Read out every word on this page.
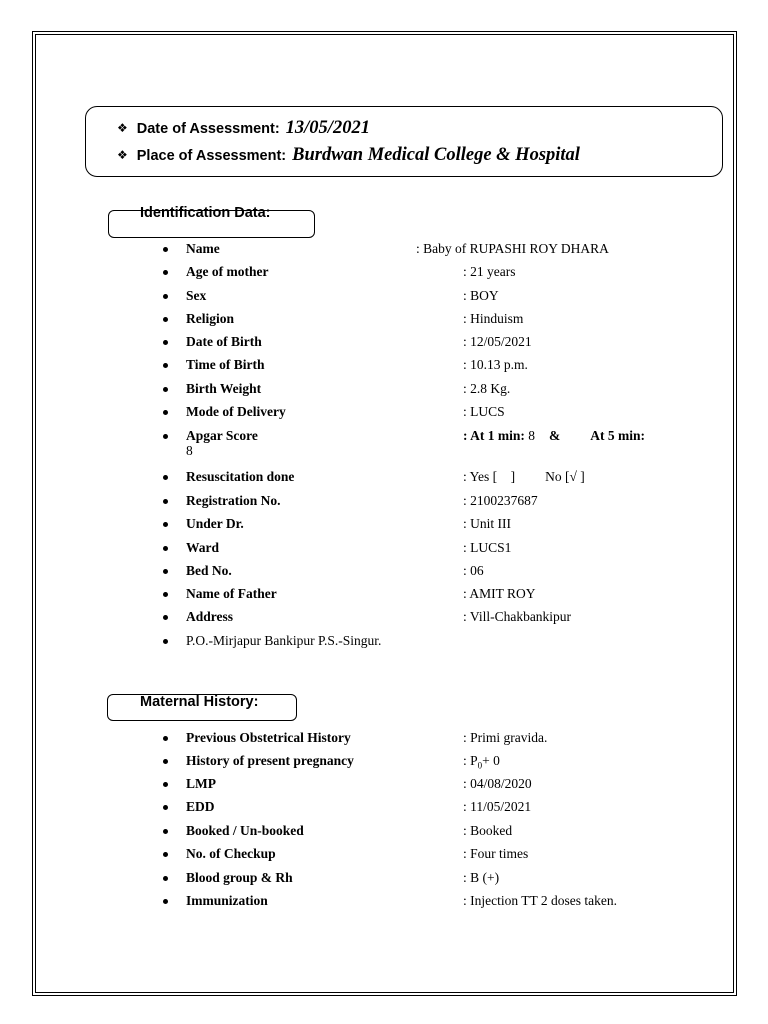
❖ Date of Assessment: 13/05/2021
❖ Place of Assessment: Burdwan Medical College & Hospital
Identification Data:
Name	: Baby of RUPASHI ROY DHARA
Age of mother	: 21 years
Sex	: BOY
Religion	: Hinduism
Date of Birth	: 12/05/2021
Time of Birth	: 10.13 p.m.
Birth Weight	: 2.8 Kg.
Mode of Delivery	: LUCS
Apgar Score	: At 1 min: 8 & At 5 min:
8
Resuscitation done	: Yes [    ] No [√ ]
Registration No.	: 2100237687
Under Dr.	: Unit III
Ward	: LUCS1
Bed No.	: 06
Name of Father	: AMIT ROY
Address	: Vill-Chakbankipur
P.O.-Mirjapur Bankipur P.S.-Singur.
Maternal History:
Previous Obstetrical History	: Primi gravida.
History of present pregnancy	: $P_0+ 0$
LMP	: 04/08/2020
EDD	: 11/05/2021
Booked / Un-booked	: Booked
No. of Checkup	: Four times
Blood group & Rh	: B (+)
Immunization	: Injection TT 2 doses taken.
